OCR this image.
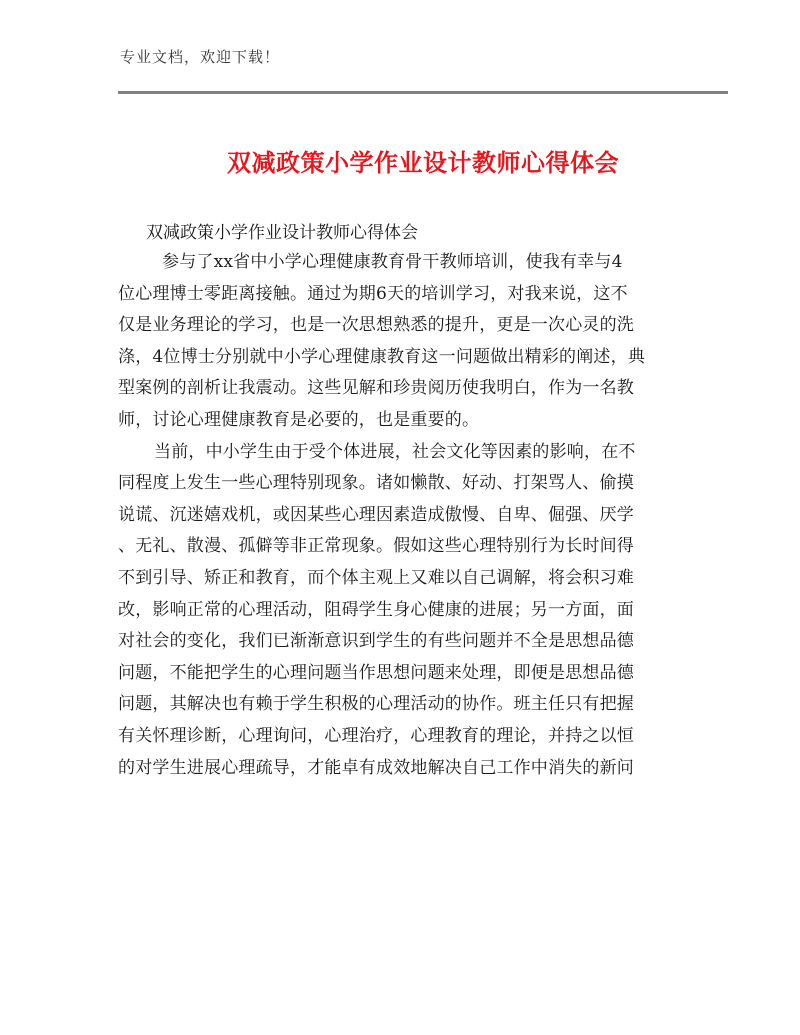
专业文档，欢迎下载！
双减政策小学作业设计教师心得体会

双减政策小学作业设计教师心得体会

参与了xx省中小学心理健康教育骨干教师培训，使我有幸与4
位心理博士零距离接触。通过为期6天的培训学习，对我来说，这不
仅是业务理论的学习，也是一次思想熟悉的提升，更是一次心灵的洗
涤，4位博士分别就中小学心理健康教育这一问题做出精彩的阐述，典
型案例的剖析让我震动。这些见解和珍贵阅历使我明白，作为一名教
师，讨论心理健康教育是必要的，也是重要的。

当前，中小学生由于受个体进展，社会文化等因素的影响，在不
同程度上发生一些心理特别现象。诸如懒散、好动、打架骂人、偷摸
说谎、沉迷嬉戏机，或因某些心理因素造成傲慢、自卑、倔强、厌学
、无礼、散漫、孤僻等非正常现象。假如这些心理特别行为长时间得
不到引导、矫正和教育，而个体主观上又难以自己调解，将会积习难
改，影响正常的心理活动，阻碍学生身心健康的进展；另一方面，面
对社会的变化，我们已渐渐意识到学生的有些问题并不全是思想品德
问题，不能把学生的心理问题当作思想问题来处理，即便是思想品德
问题，其解决也有赖于学生积极的心理活动的协作。班主任只有把握
有关怀理诊断，心理询问，心理治疗，心理教育的理论，并持之以恒
的对学生进展心理疏导，才能卓有成效地解决自己工作中消失的新问
